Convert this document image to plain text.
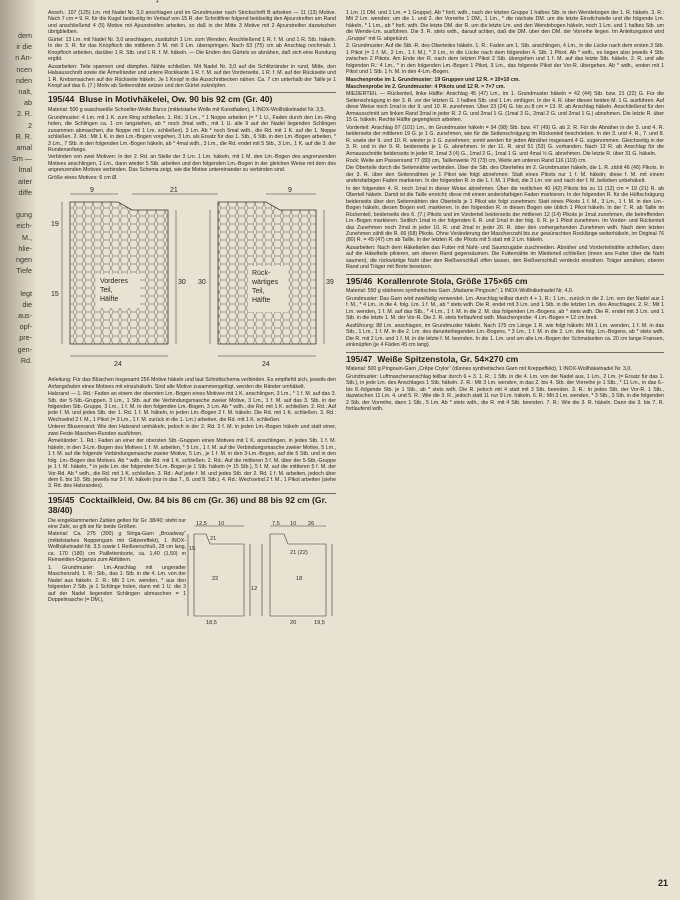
dem
ir die
n An-
ncen
nden
nalt,
ab
2. R.
2
R. R.
amal
Sm —
lmal
aiter
diffe

gung
eich-
M.,
hlie-
ngen
Tiefe

legt
die
aus-
opf-
pre-
gen-
Rd.
*

Anseh.: 107 (125) Lm. mit Nadel Nr. 3,0 anschlagen und im Grundmuster nach Strickschrift B arbeiten — 11 (13) Motive. Nach 7 cm = 9. R. für die Kugel beidseitig im Verlauf von 15 R. der Schnittlinie folgend beidseitig den Ajourstreifen am Rand und anschließend 4 (5) Motive mit Ajourstreifen arbeiten, so daß in der Mitte 3 Motive mit 2 Ajourstreifen dazwischen übrigbleiben.

Gürtel: 13 Lm. mit Nadel Nr. 3,0 anschlagen, zusätzlich 1 Lm. zum Wenden. Anschließend 1 R. f. M. und 1 R. Stb. häkeln. In der 3. R. für das Knopfloch die mittleren 3 M. mit 3 Lm. überspringen. Nach 63 (75) cm ab Anschlag nochmals 1 Knopfloch arbeiten, darüber 1 R. Stb. und 1 R. f. M. häkeln. — Die Enden des Gürtels so abnähen, daß sich eine Rundung ergibt.

Ausarbeiten: Teile spannen und dämpfen. Nähte schließen. Mit Nadel Nr. 3,0 auf die Schlitzränder in rund, Mitte, den Halsausschnitt sowie die Ärmelränder und untere Rockkante 1 R. f. M. auf der Vorderseite, 1 R. f. M. auf der Rückseite und 1 R. Krebsmaschen auf der Rückseite häkeln. Je 1 Knopf in die Ausschnittecken nähen. Ca. 7 cm unterhalb der Taille je 1 Knopf auf das 6. (7.) Motiv ab Seitennähte setzen und den Gürtel zuknöpfen.

195/44 Bluse in Motivhäkelei, Ow. 90 bis 92 cm (Gr. 40)

Material: 500 g waschweiße Schoeller-Wolle Barco (mittelstarke Wolle mit Kunstfaden), 1 INOX-Wollhäkelnadel Nr. 3,5.

Grundmuster: 4 Lm. mit 1 K. zum Ring schließen. 1. Rd.: 3 Lm., * 1 Noppe arbeiten (= * 1 U., Faden durch den Lm.-Ring holen, die Schlingen ca. 1 cm langziehen, ab * noch 3mal wdh., mit 1 U. alle 9 auf der Nadel liegenden Schlingen zusammen abmaschen, die Noppe mit 1 Lm. schließen). 3 Lm. Ab * noch 5mal wdh., die Rd. mit 1 K. auf die 1. Noppe schließen. 2. Rd.: Mit 1 K. in den Lm.-Bogen vorgehen, 3 Lm. als Ersatz für das 1. Stb., 6 Stb. in den Lm.-Bogen arbeiten, * 3 Lm., 7 Stb. in den folgenden Lm.-Bogen häkeln, ab * 4mal wdh., 3 Lm., die Rd. endet mit 5 Stb., 3 Lm., 1 K. auf die 3. der Rundenanfangs.

Verbinden von zwei Motiven: In der 2. Rd. an Stelle der 3 Lm. 1 Lm. häkeln, mit 1 M. den Lm.-Bogen des angrenzenden Motives anschlingen, 1 Lm., dann wieder 5 Stb. arbeiten und den folgenden Lm.-Bogen in der gleichen Weise mit dem des angrenzenden Motives verbinden. Das Schema zeigt, wie die Motive untereinander zu verbinden sind.

Größe eines Motives: 6 cm Ø.

Vorderes
Teil,
Hälfte
Rück-
wärtiges
Teil,
Hälfte
9	21	9
19
15
30 30	39
24	24

Anleitung: Für das Blüschen insgesamt 256 Motive häkeln und laut Schnittschema verbinden. Es empfiehlt sich, jeweils den Anfangsfaden eines Motives mit einzuhäkeln. Sind alle Motive zusammengefügt, werden die Ränder umhäkelt.

Halsrand — 1. Rd.: Faden an einem der obersten Lm.-Bogen eines Motives mit 1 K. anschlingen, 3 Lm., * 1 f. M. auf das 3. Stb. der 5-Stb.-Gruppen, 3 Lm., 1 Stb. auf die Verbindungsmasche zweier Motive, 3 Lm., 1 f. M. auf das 3. Stb. in der folgenden Stb.-Gruppe, 3 Lm., 1 f. M. in den folgenden Lm.-Bogen, 3 Lm. Ab * wdh., die Rd. mit 1 K. schließen. 2. Rd.: Auf jede f. M. und jedes Stb. der 1. Rd. 1 f. M. häkeln, in jeden Lm.-Bogen 2 f. M. häkeln. Die Rd. mit 1 K. schließen. 3. Rd.: Wechselnd 2 f. M., 1 Pikot (= 3 Lm., 1 f. M. zurück in die 1. Lm.) arbeiten, die Rd. mit 1 K. schließen.

Unterer Blusenrand: Wie den Halsrand umhäkeln, jedoch in der 2. Rd. 3 f. M. in jeden Lm.-Bogen häkeln und statt einer, zwei Feste-Maschen-Runden ausführen.

Ärmelränder: 1. Rd.: Faden an einer der obersten Stb.-Gruppen eines Motives mit 1 K. anschlingen, in jedes Stb. 1 f. M. häkeln, in den 3-Lm.-Bogen des Motives 1 f. M. arbeiten, * 5 Lm., 1 f. M. auf die Verbindungsmasche zweier Motive, 5 Lm., 1 f. M. auf die folgende Verbindungsmasche zweier Motive, 5 Lm., je 1 f. M. in den 3-Lm.-Bogen, auf die 5 Stb. und in den folg. Lm.-Bogen des Motives. Ab * wdh., die Rd. mit 1 K. schließen. 2. Rd.: Auf die mittleren 3 f. M. über der 5-Stb.-Gruppe je 1 f. M. häkeln, * in jede Lm. der folgenden 5-Lm.-Bogen je 1 Stb. häkeln (= 15 Stb.), 5 f. M. auf die mittleren 5 f. M. der Vor-Rd. Ab * wdh., die Rd. mit 1 K. schließen. 3. Rd.: Auf jede f. M. und jedes Stb. der 2. Rd. 1 f. M. arbeiten, jedoch über dem 6. bis 10. Stb. jeweils nur 3 f. M. häkeln (nur in das 7., 8. und 9. Stb.). 4. Rd.: Wechselnd 2 f. M., 1 Pikot arbeiten (siehe 3. Rd. des Halsrandes).

195/45 Cocktailkleid, Ow. 84 bis 86 cm (Gr. 36) und 88 bis 92 cm (Gr. 38/40)
12,5 10	7,5 10 26
21
15
21 (22)
22	18
12
18,5	20	19,5

Die eingeklammerten Zahlen gelten für Gr. 38/40; steht nur eine Zahl, so gilt sie für beide Größen.

Material: Ca. 275 (300) g Striga-Garn „Broadway“ (mittelstarkes Noppengarn mit Glitzereffekt), 1 INOX-Wollhäkelnadel Nr. 3,5 sowie 1 Reißverschluß, 28 cm lang, ca. 170 (180) cm Paillettenborte, ca. 1,40 (1,50) m Reinseiden-Organza zum Abfüttern.

1. Grundmuster: Lm.-Anschlag mit ungerader Maschenzahl. 1. R.: Stb., das 1. Stb. in die 4. Lm. von der Nadel aus häkeln. 2. R.: Mit 2 Lm. wenden, * aus den folgenden 2 Stb. je 1 Schlinge holen, dann mit 1 U. die 3 auf der Nadel liegenden Schlingen abmaschen = 1 Doppelmasche (= DM.),

1 Lm. (1 DM. und 1 Lm. = 1 Gruppe). Ab * fortl. wdh., nach der letzten Gruppe 1 halbes Stb. in den Wendebogen der 1. R. häkeln. 3. R.: Mit 2 Lm. wenden; um die 1. und 2. der Vorreihe 1 DM., 1 Lm., * die nächste DM. um die letzte Einstichstelle und die folgende Lm. häkeln, * 1 Lm., ab * fortl. wdh. Die letzte DM. der R. um die letzte Lm. und den Wendebogen häkeln, noch 1 Lm. und 1 halbes Stb. um die Wende-Lm. ausführen. Die 3. R. stets wdh., darauf achten, daß die DM. über den DM. der Vorreihe liegen. Im Anleitungstext wird „Gruppe“ mit G. abgekürzt.

2. Grundmuster: Auf die Stb.-R. des Oberteiles häkeln. 1. R.: Faden am 1. Stb. anschlingen, 4 Lm., in die Lücke nach dem ersten 3 Stb. 1 Pikot (= 1 f. M., 2 Lm., 1 f. M.), * 3 Lm., in die Lücke nach dem folgenden 4. Stb. 1 Pikot. Ab * wdh., es liegen also jeweils 4 Stb. zwischen 2 Pikots. Am Ende der R. nach dem letzten Pikot 2 Stb. übergehen und 1 f. M. auf das letzte Stb. häkeln. 2. R. und alle folgenden R.: 4 Lm., * in den folgenden Lm.-Bogen 1 Pikot, 3 Lm., das folgende Pikot der Vor-R. übergehen. Ab * wdh., enden mit 1 Pikot und 1 Stb. 1 h. M. in den 4-Lm.-Bogen.

Maschenprobe im 1. Grundmuster: 19 Gruppen und 12 R. = 10×10 cm.

Maschenprobe im 2. Grundmuster: 4 Pikots und 12 R. = 7×7 cm.

MIEDERTEIL — Rückenteil, linke Hälfte: Anschlag 45 (47) Lm., im 1. Grundmuster häkeln = 42 (44) Stb. bzw. 21 (22) G. Für die Seitenschrägung in der 3. R. vor der letzten G. 1 halbes Stb. und 1 Lm. einfügen. In der 4. R. über diesen beiden M. 1 G. ausführen. Auf diese Weise noch 1mal in der 9. und 10. R. zunehmen. Über 23 (24) G. bis zu 8 cm = 13. R. ab Anschlag häkeln. Anschließend für den Armausschnitt am linken Rand 3mal in jeder R. 2 G. und 2mal 1 G. (1mal 3 G., 2mal 2 G. und 2mal 1 G.) abnehmen. Die letzte R. über 15 G. häkeln. Rechte Hälfte gegengleich arbeiten.

Vorderteil: Anschlag 97 (101) Lm., im Grundmuster häkeln = 94 (98) Stb. bzw. 47 (49) G. ab 2. R. Für die Abnäher in der 3. und 4. R. beiderseits der mittleren 19 G. je 1 G. zunehmen, wie für die Seitenschrägung im Rückenteil beschrieben. In der 3. und 4. R., 7. und 8. R. sowie der 9. und 10. R. wieder je 1 G. zunehmen; somit werden für jeden Abnäher insgesamt 4 G. zugenommen. Gleichzeitig in der 3. R. und in der 9. R. beiderseits je 1 G. abnehmen. In der 11. R. sind 51 (53) G. vorhanden. Nach 13 R. ab Anschlag für die Armausschnitte beiderseits in jeder R. 1mal 3 (4) G., 1mal 2 G., 1mal 1 G. und 4mal ½ G. abnehmen. Die letzte R. über 31 G. häkeln.

Rock: Weite am Passenrand 77 (80) cm, Taillenweite 70 (73) cm, Weite am unteren Rand 116 (119) cm.

Die Oberteile durch die Seitennähte verbinden. Über die Stb. des Oberteiles im 2. Grundmuster häkeln, die 1. R. zählt 46 (46) Pikots. In der 3. R. über den Seitennähten je 1 Pikot wie folgt abnehmen: Statt eines Pikots nur 1 f. M. häkeln; diese f. M. mit einem andersfarbigen Faden markieren. In der folgenden R. in die 1. f. M. 1 Pikot, die 3 Lm. vor und nach der f. M. belieben unbehäkelt.

In der folgenden 4. R. noch 1mal in dieser Weise abnehmen. Über die restlichen 40 (42) Pikots bis zu 11 (12) cm = 19 (21) R. ab Oberteil häkeln. Damit ist die Taille erreicht; diese mit einem andersfarbigen Faden markieren. In der folgenden R. für die Hüftschrägung beiderseits über den Seitennähten des Oberteils je 1 Pikot wie folgt zunehmen: Statt eines Pikots 1 f. M., 3 Lm., 1 f. M. in den Lm.-Bogen häkeln, diesen Bogen evtl. markieren. In der folgenden R. in diesen Bogen wie üblich 1 Pikot häkeln. In der 7. R. ab Taille im Rückenteil, beiderseits des 6. (7.) Pikots und im Vorderteil beiderseits der mittleren 12 (14) Pikots je 1mal zunehmen, die betreffenden Lm.-Bogen markieren. Seitlich 1mal in der folgenden 6. R. und 1mal in der folg. 9. R. je 1 Pikot zunehmen. Im Vorder- und Rückenteil das Zunehmen noch 2mal in jeder 10. R. und 2mal in jeder 20. R. über den vorhergehenden Zunehmen wdh. Nach dem letzten Zunehmen zählt die R. 66 (68) Pikots. Ohne Veränderung der Maschenzahl bis zur gewünschten Rocklänge weiterhäkeln, im Original 76 (80) R. = 45 (47) cm ab Taille. In der letzten R. die Pikots mit 5 statt mit 2 Lm. häkeln.

Ausarbeiten: Nach dem Häkelteilen das Futter mit Naht- und Saumzugabe zuschneiden. Abnäher und Vorderteilnähte schließen, dann auf die Häkelteile pikieren, am oberen Rand gegensäumen. Die Futternähte im Miederteil schließen (innen ans Futter über die Naht saumen), die rückwärtige Naht über den Reißverschluß offen lassen, den Reißverschluß verdeckt einnähen. Träger annähen, oberen Rand und Träger mit Borte besetzen.

195/46 Korallenrote Stola, Größe 175×65 cm

Material: 550 g stärkeres synthetisches Garn „Madame Pingouin“; 1 INOX-Wollhäkelnadel Nr. 4,0.

Grundmuster: Das Garn wird zweifädig verwendet. Lm.-Anschlag teilbar durch 4 + 1. R.: 1 Lm., zurück in die 2. Lm. von der Nadel aus 1 f. M., * 4 Lm., in die 4. folg. Lm. 1 f. M., ab * stets wdh. Die R. endet mit 3 Lm. und 1 Stb. in die letzten Lm. des Anschlages. 2. R.: Mit 1 Lm. wenden, 1 f. M. auf das Stb., * 4 Lm., 1 f. M. in die 2. M. das folgenden Lm.-Bogens, ab * stets wdh. Die R. endet mit 3 Lm. und 1 Stb. in die letzte 1. M. der Vor-R. Die 2. R. stets fortlaufend wdh. Maschenprobe: 4 Lm.-Bogen = 12 cm breit.

Ausführung: 88 Lm. anschlagen, im Grundmuster häkeln. Nach 175 cm Länge 1 R. wie folgt häkeln: Mit 1 Lm. wenden, 1 f. M. in das Stb., 1 Lm., 1 f. M. in die 2. Lm. des darunterliegenden Lm.-Bogens, * 3 Lm., 1 f. M. in die 2. Lm. des folg. Lm.-Bogens, ab * stets wdh. Die R. mit 2 Lm. und 1 f. M. in die letzte f. M. beenden. In die 1. Lm. und um alle Lm.-Bogen der Schmalseiten ca. 20 cm lange Fransen, einknüpfen (je 4 Fäden 45 cm lang).

195/47 Weiße Spitzenstola, Gr. 54×270 cm

Material: 500 g Pingouin-Garn „Crêpe Crylor“ (dünnes synthetisches Garn mit Kreppeffekt), 1 INOX-Wollhäkelnadel Nr. 3,0.

Grundmuster: Luftmaschenanschlag teilbar durch 6 + 3. 1. R.: 1 Stb. in die 4. Lm. von der Nadel aus, 1 Lm., 2 Lm. (= Ersatz für das 1. Stb.), in jede Lm. des Anschlages 1 Stb. häkeln. 2. R.: Mit 3 Lm. wenden, in das 2. bis 4. Stb. der Vorreihe je 1 Stb., * 11 Lm., in das 6.- bis 8.-folgende Stb. je 1 Stb., ab * stets wdh. Die R. jedoch mit 4 statt mit 3 Stb. beenden. 3. R.: In jedes Stb. der Vor-R. 1 Stb., dazwischen 11 Lm. 4. und 5. R.: Wie die 3. R., jedoch statt 11 nur 9 Lm. häkeln. 6. R.: Mit 3 Lm. wenden, * 3 Stb., 3 Stb. in die folgenden 2 Stb. der Vorreihe, dann 1 Stb., 5 Lm. Ab * stets wdh., die R. mit 4 Stb. beenden. 7. R.: Wie die 3. R. häkeln. Dann die 3. bis 7. R. fortlaufend wdh.

21
